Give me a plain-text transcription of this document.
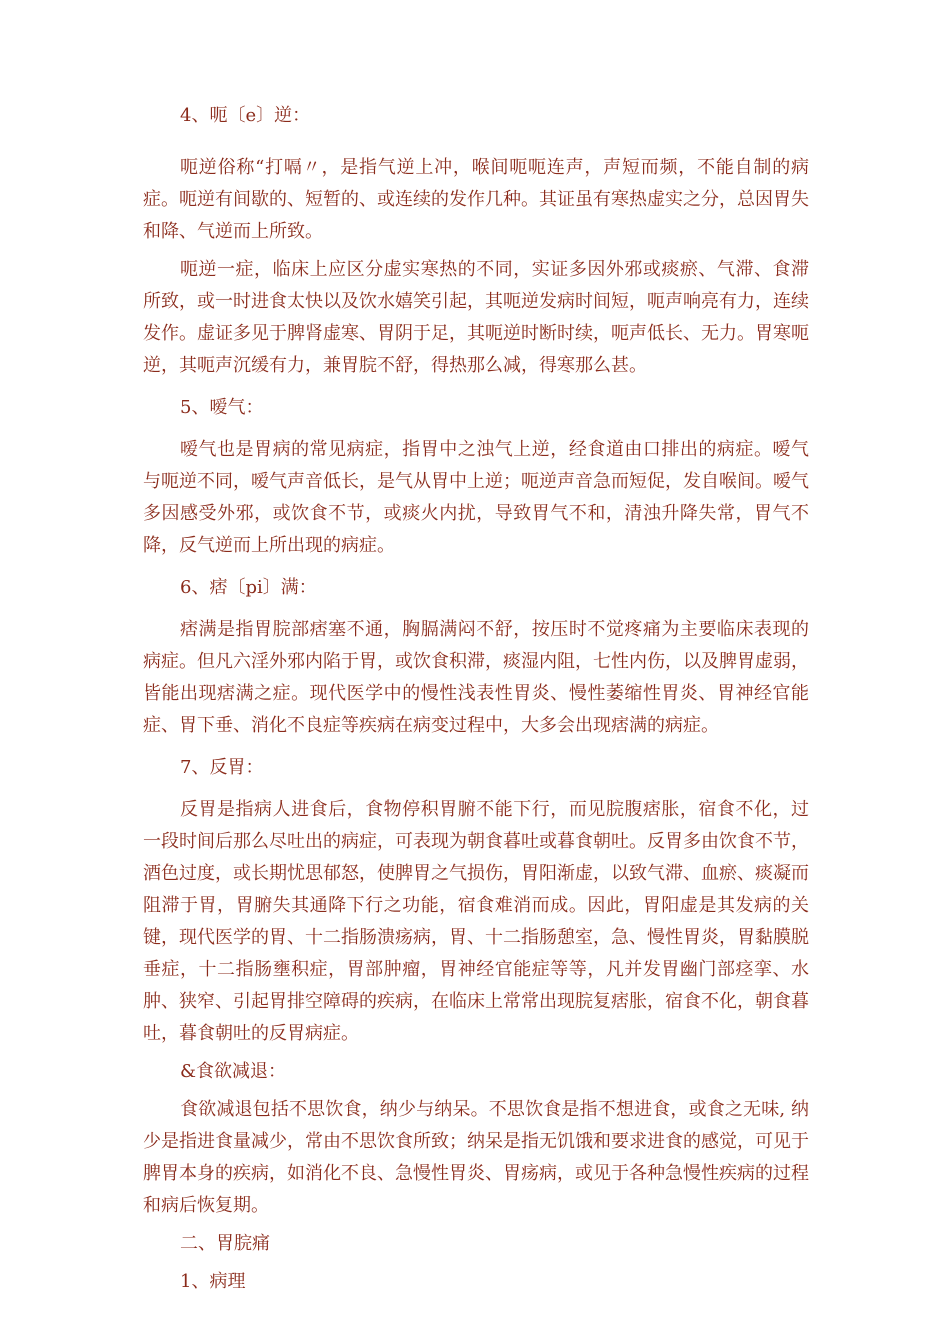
4、呃〔e〕逆：

呃逆俗称“打嗝〃，是指气逆上冲，喉间呃呃连声，声短而频，不能自制的病症。呃逆有间歇的、短暂的、或连续的发作几种。其证虽有寒热虚实之分，总因胃失和降、气逆而上所致。

呃逆一症，临床上应区分虚实寒热的不同，实证多因外邪或痰瘀、气滞、食滞所致，或一时进食太快以及饮水嬉笑引起，其呃逆发病时间短，呃声响亮有力，连续发作。虚证多见于脾肾虚寒、胃阴于足，其呃逆时断时续，呃声低长、无力。胃寒呃逆，其呃声沉缓有力，兼胃脘不舒，得热那么减，得寒那么甚。

5、嗳气：

嗳气也是胃病的常见病症，指胃中之浊气上逆，经食道由口排出的病症。嗳气与呃逆不同，嗳气声音低长，是气从胃中上逆；呃逆声音急而短促，发自喉间。嗳气多因感受外邪，或饮食不节，或痰火内扰，导致胃气不和，清浊升降失常，胃气不降，反气逆而上所出现的病症。

6、痞〔pi〕满：

痞满是指胃脘部痞塞不通，胸膈满闷不舒，按压时不觉疼痛为主要临床表现的病症。但凡六淫外邪内陷于胃，或饮食积滞，痰湿内阻，七性内伤，以及脾胃虚弱，皆能出现痞满之症。现代医学中的慢性浅表性胃炎、慢性萎缩性胃炎、胃神经官能症、胃下垂、消化不良症等疾病在病变过程中，大多会出现痞满的病症。

7、反胃：

反胃是指病人进食后，食物停积胃腑不能下行，而见脘腹痞胀，宿食不化，过一段时间后那么尽吐出的病症，可表现为朝食暮吐或暮食朝吐。反胃多由饮食不节，酒色过度，或长期忧思郁怒，使脾胃之气损伤，胃阳渐虚，以致气滞、血瘀、痰凝而阻滞于胃，胃腑失其通降下行之功能，宿食难消而成。因此，胃阳虚是其发病的关键，现代医学的胃、十二指肠溃疡病，胃、十二指肠憩室，急、慢性胃炎，胃黏膜脱垂症，十二指肠壅积症，胃部肿瘤，胃神经官能症等等，凡并发胃幽门部痉挛、水肿、狭窄、引起胃排空障碍的疾病，在临床上常常出现脘复痞胀，宿食不化，朝食暮吐，暮食朝吐的反胃病症。

&食欲减退：

食欲减退包括不思饮食，纳少与纳呆。不思饮食是指不想进食，或食之无味, 纳少是指进食量减少，常由不思饮食所致；纳呆是指无饥饿和要求进食的感觉，可见于脾胃本身的疾病，如消化不良、急慢性胃炎、胃疡病，或见于各种急慢性疾病的过程和病后恢复期。

二、胃脘痛

1、病理
